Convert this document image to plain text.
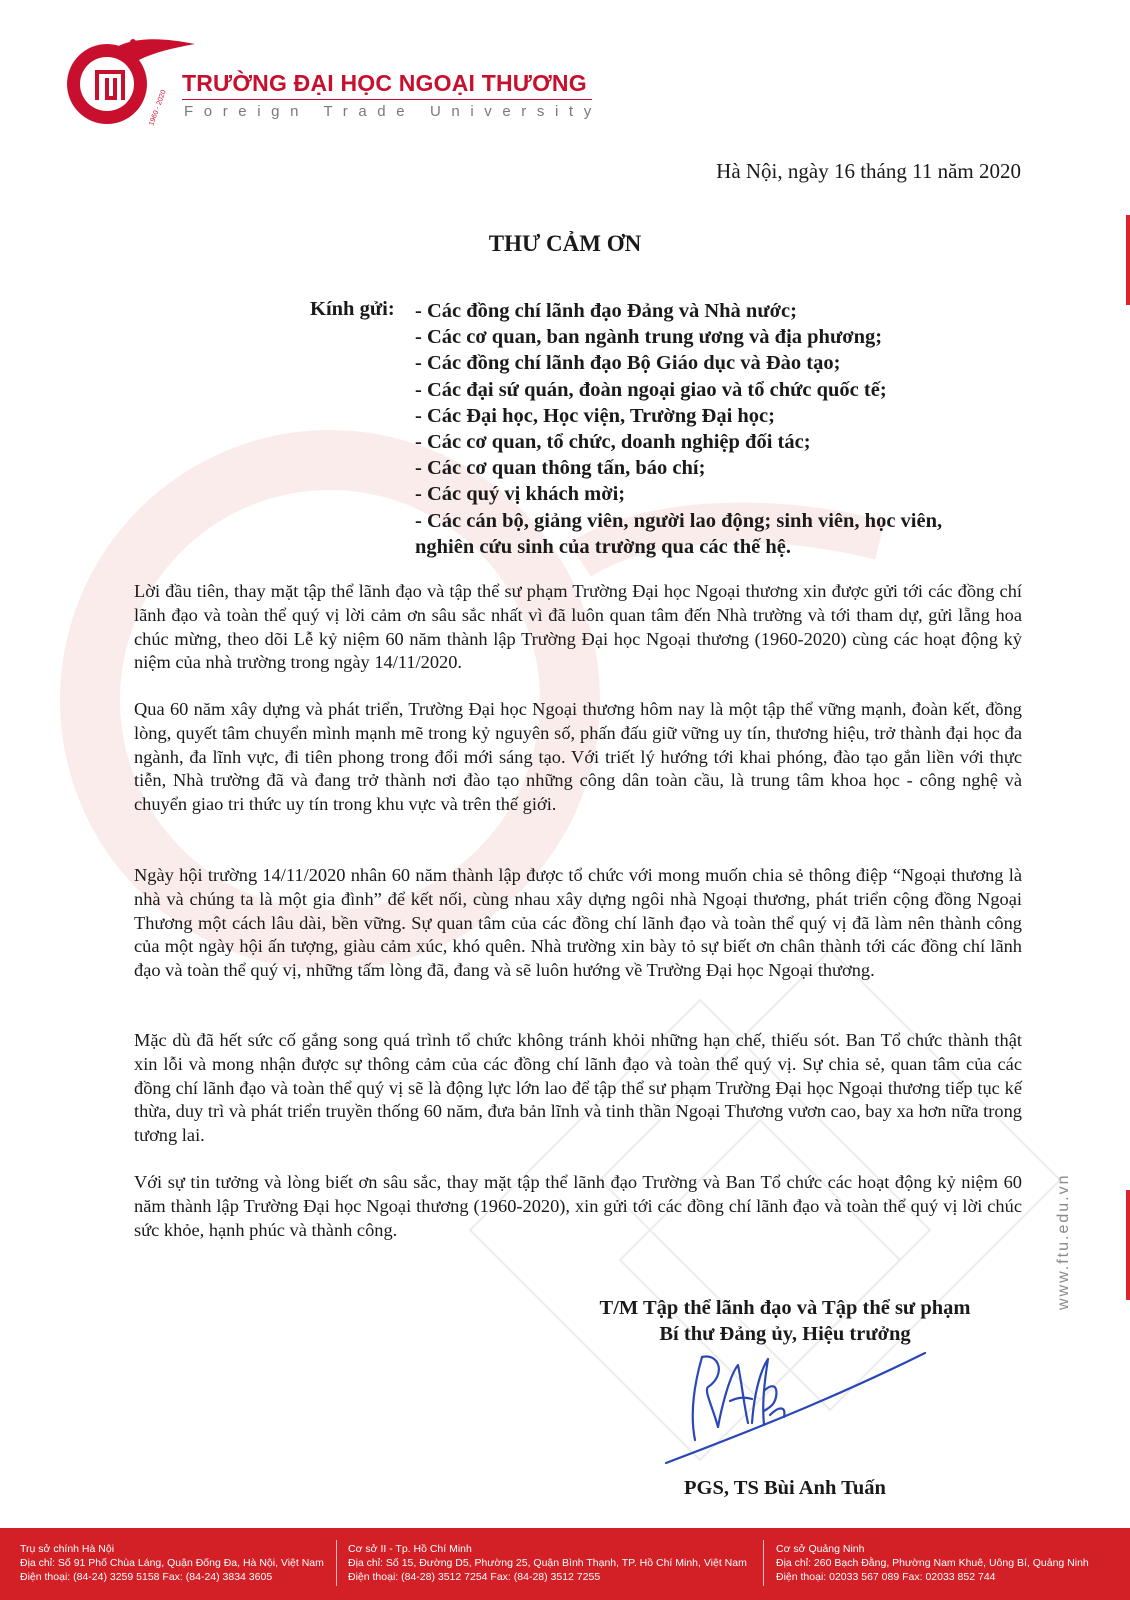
1960 - 2020
TRƯỜNG ĐẠI HỌC NGOẠI THƯƠNG
Foreign Trade University
www.ftu.edu.vn
Hà Nội, ngày 16 tháng 11 năm 2020
THƯ CẢM ƠN
Kính gửi: - Các đồng chí lãnh đạo Đảng và Nhà nước;
- Các cơ quan, ban ngành trung ương và địa phương;
- Các đồng chí lãnh đạo Bộ Giáo dục và Đào tạo;
- Các đại sứ quán, đoàn ngoại giao và tổ chức quốc tế;
- Các Đại học, Học viện, Trường Đại học;
- Các cơ quan, tổ chức, doanh nghiệp đối tác;
- Các cơ quan thông tấn, báo chí;
- Các quý vị khách mời;
- Các cán bộ, giảng viên, người lao động; sinh viên, học viên, nghiên cứu sinh của trường qua các thế hệ.
Lời đầu tiên, thay mặt tập thể lãnh đạo và tập thể sư phạm Trường Đại học Ngoại thương xin được gửi tới các đồng chí lãnh đạo và toàn thể quý vị lời cảm ơn sâu sắc nhất vì đã luôn quan tâm đến Nhà trường và tới tham dự, gửi lẵng hoa chúc mừng, theo dõi Lễ kỷ niệm 60 năm thành lập Trường Đại học Ngoại thương (1960-2020) cùng các hoạt động kỷ niệm của nhà trường trong ngày 14/11/2020.
Qua 60 năm xây dựng và phát triển, Trường Đại học Ngoại thương hôm nay là một tập thể vững mạnh, đoàn kết, đồng lòng, quyết tâm chuyển mình mạnh mẽ trong kỷ nguyên số, phấn đấu giữ vững uy tín, thương hiệu, trở thành đại học đa ngành, đa lĩnh vực, đi tiên phong trong đổi mới sáng tạo. Với triết lý hướng tới khai phóng, đào tạo gắn liền với thực tiễn, Nhà trường đã và đang trở thành nơi đào tạo những công dân toàn cầu, là trung tâm khoa học - công nghệ và chuyển giao tri thức uy tín trong khu vực và trên thế giới.
Ngày hội trường 14/11/2020 nhân 60 năm thành lập được tổ chức với mong muốn chia sẻ thông điệp “Ngoại thương là nhà và chúng ta là một gia đình” để kết nối, cùng nhau xây dựng ngôi nhà Ngoại thương, phát triển cộng đồng Ngoại Thương một cách lâu dài, bền vững. Sự quan tâm của các đồng chí lãnh đạo và toàn thể quý vị đã làm nên thành công của một ngày hội ấn tượng, giàu cảm xúc, khó quên. Nhà trường xin bày tỏ sự biết ơn chân thành tới các đồng chí lãnh đạo và toàn thể quý vị, những tấm lòng đã, đang và sẽ luôn hướng về Trường Đại học Ngoại thương.
Mặc dù đã hết sức cố gắng song quá trình tổ chức không tránh khỏi những hạn chế, thiếu sót. Ban Tổ chức thành thật xin lỗi và mong nhận được sự thông cảm của các đồng chí lãnh đạo và toàn thể quý vị. Sự chia sẻ, quan tâm của các đồng chí lãnh đạo và toàn thể quý vị sẽ là động lực lớn lao để tập thể sư phạm Trường Đại học Ngoại thương tiếp tục kế thừa, duy trì và phát triển truyền thống 60 năm, đưa bản lĩnh và tinh thần Ngoại Thương vươn cao, bay xa hơn nữa trong tương lai.
Với sự tin tưởng và lòng biết ơn sâu sắc, thay mặt tập thể lãnh đạo Trường và Ban Tổ chức các hoạt động kỷ niệm 60 năm thành lập Trường Đại học Ngoại thương (1960-2020), xin gửi tới các đồng chí lãnh đạo và toàn thể quý vị lời chúc sức khỏe, hạnh phúc và thành công.
T/M Tập thể lãnh đạo và Tập thể sư phạm
Bí thư Đảng ủy, Hiệu trưởng
PGS, TS Bùi Anh Tuấn
Trụ sở chính Hà Nội
Địa chỉ: Số 91 Phố Chùa Láng, Quận Đống Đa, Hà Nội, Việt Nam
Điện thoại: (84-24) 3259 5158 Fax: (84-24) 3834 3605
Cơ sở II - Tp. Hồ Chí Minh
Địa chỉ: Số 15, Đường D5, Phường 25, Quận Bình Thạnh, TP. Hồ Chí Minh, Việt Nam
Điện thoại: (84-28) 3512 7254 Fax: (84-28) 3512 7255
Cơ sở Quảng Ninh
Địa chỉ: 260 Bạch Đằng, Phường Nam Khuê, Uông Bí, Quảng Ninh
Điện thoại: 02033 567 089 Fax: 02033 852 744
